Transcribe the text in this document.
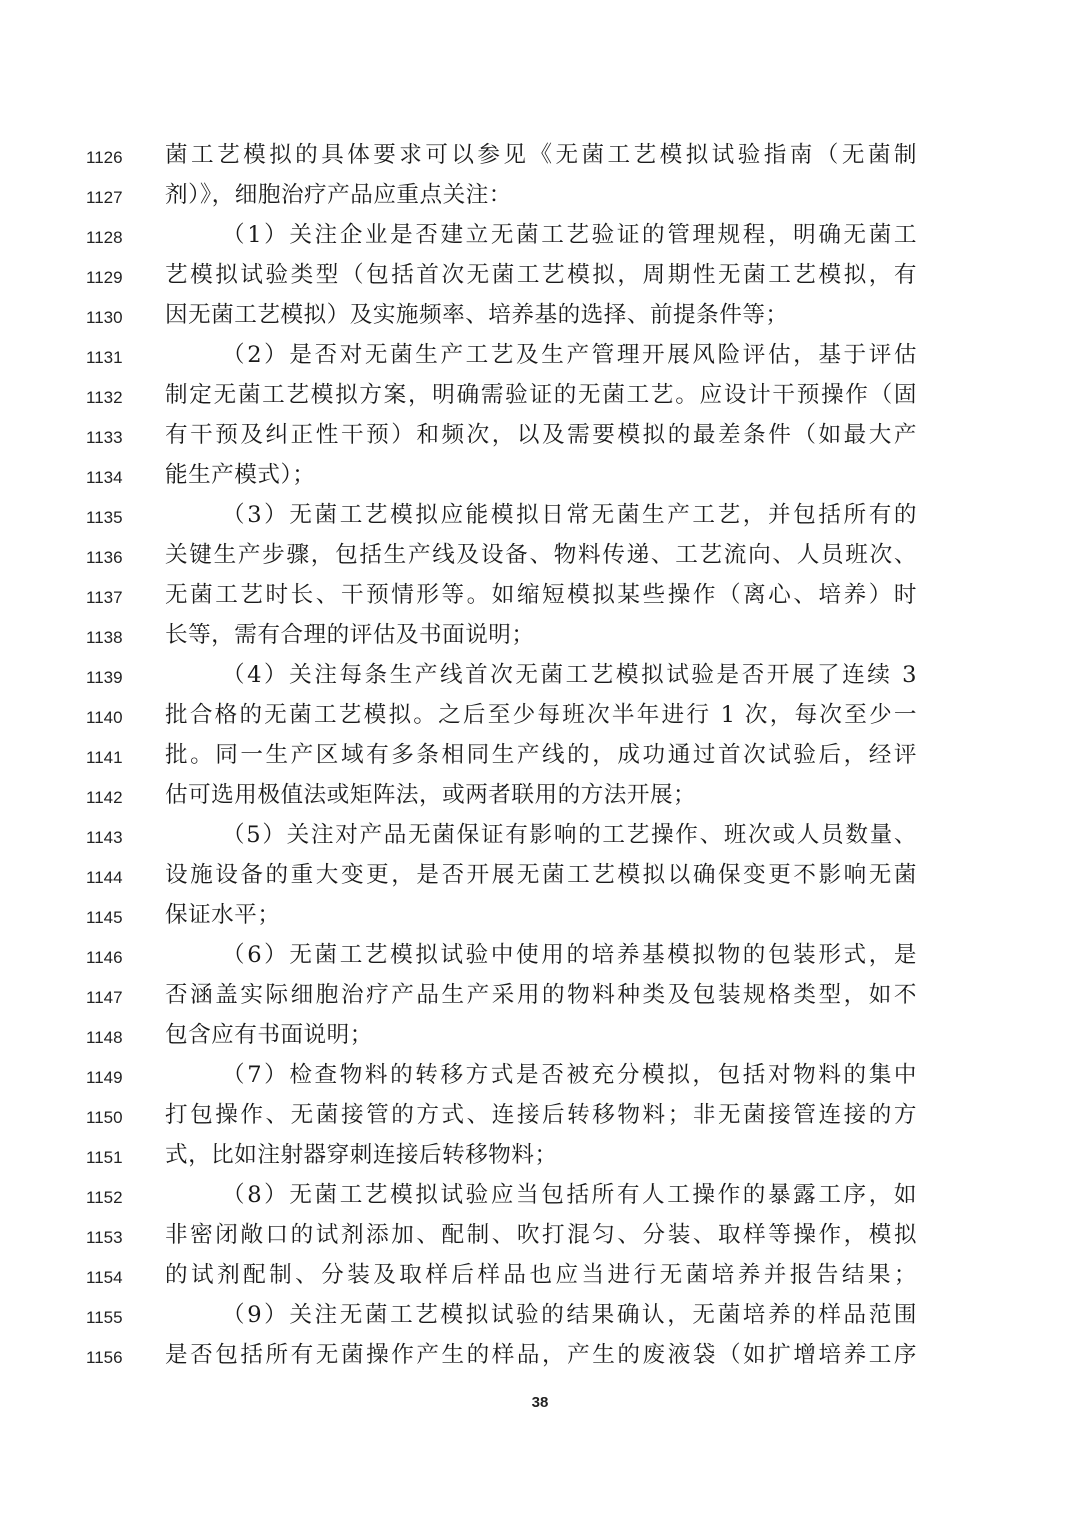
1126	菌工艺模拟的具体要求可以参见《无菌工艺模拟试验指南（无菌制
1127	剂）》，细胞治疗产品应重点关注：
1128	（1）关注企业是否建立无菌工艺验证的管理规程，明确无菌工
1129	艺模拟试验类型（包括首次无菌工艺模拟，周期性无菌工艺模拟，有
1130	因无菌工艺模拟）及实施频率、培养基的选择、前提条件等；
1131	（2）是否对无菌生产工艺及生产管理开展风险评估，基于评估
1132	制定无菌工艺模拟方案，明确需验证的无菌工艺。应设计干预操作（固
1133	有干预及纠正性干预）和频次，以及需要模拟的最差条件（如最大产
1134	能生产模式）；
1135	（3）无菌工艺模拟应能模拟日常无菌生产工艺，并包括所有的
1136	关键生产步骤，包括生产线及设备、物料传递、工艺流向、人员班次、
1137	无菌工艺时长、干预情形等。如缩短模拟某些操作（离心、培养）时
1138	长等，需有合理的评估及书面说明；
1139	（4）关注每条生产线首次无菌工艺模拟试验是否开展了连续 3
1140	批合格的无菌工艺模拟。之后至少每班次半年进行 1 次，每次至少一
1141	批。同一生产区域有多条相同生产线的，成功通过首次试验后，经评
1142	估可选用极值法或矩阵法，或两者联用的方法开展；
1143	（5）关注对产品无菌保证有影响的工艺操作、班次或人员数量、
1144	设施设备的重大变更，是否开展无菌工艺模拟以确保变更不影响无菌
1145	保证水平；
1146	（6）无菌工艺模拟试验中使用的培养基模拟物的包装形式，是
1147	否涵盖实际细胞治疗产品生产采用的物料种类及包装规格类型，如不
1148	包含应有书面说明；
1149	（7）检查物料的转移方式是否被充分模拟，包括对物料的集中
1150	打包操作、无菌接管的方式、连接后转移物料；非无菌接管连接的方
1151	式，比如注射器穿刺连接后转移物料；
1152	（8）无菌工艺模拟试验应当包括所有人工操作的暴露工序，如
1153	非密闭敞口的试剂添加、配制、吹打混匀、分装、取样等操作，模拟
1154	的试剂配制、分装及取样后样品也应当进行无菌培养并报告结果；
1155	（9）关注无菌工艺模拟试验的结果确认，无菌培养的样品范围
1156	是否包括所有无菌操作产生的样品，产生的废液袋（如扩增培养工序
38
